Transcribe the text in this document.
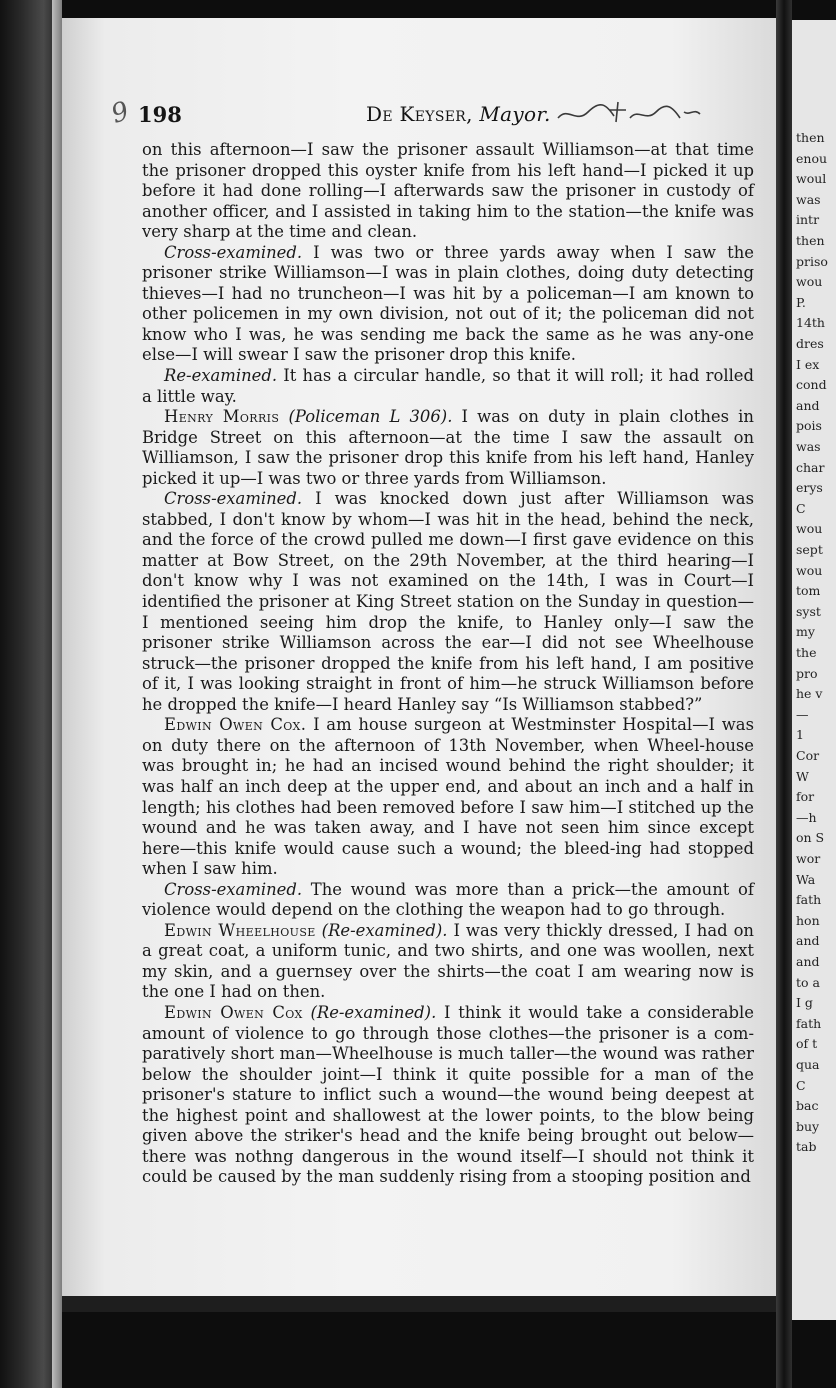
9 198	De Keyser, Mayor.

on this afternoon—I saw the prisoner assault Williamson—at that time the prisoner dropped this oyster knife from his left hand—I picked it up before it had done rolling—I afterwards saw the prisoner in custody of another officer, and I assisted in taking him to the station—the knife was very sharp at the time and clean.

Cross-examined. I was two or three yards away when I saw the prisoner strike Williamson—I was in plain clothes, doing duty detecting thieves—I had no truncheon—I was hit by a policeman—I am known to other policemen in my own division, not out of it; the policeman did not know who I was, he was sending me back the same as he was any-one else—I will swear I saw the prisoner drop this knife.

Re-examined. It has a circular handle, so that it will roll; it had rolled a little way.

Henry Morris (Policeman L 306). I was on duty in plain clothes in Bridge Street on this afternoon—at the time I saw the assault on Williamson, I saw the prisoner drop this knife from his left hand, Hanley picked it up—I was two or three yards from Williamson.

Cross-examined. I was knocked down just after Williamson was stabbed, I don't know by whom—I was hit in the head, behind the neck, and the force of the crowd pulled me down—I first gave evidence on this matter at Bow Street, on the 29th November, at the third hearing—I don't know why I was not examined on the 14th, I was in Court—I identified the prisoner at King Street station on the Sunday in question—I mentioned seeing him drop the knife, to Hanley only—I saw the prisoner strike Williamson across the ear—I did not see Wheelhouse struck—the prisoner dropped the knife from his left hand, I am positive of it, I was looking straight in front of him—he struck Williamson before he dropped the knife—I heard Hanley say “Is Williamson stabbed?”

Edwin Owen Cox. I am house surgeon at Westminster Hospital—I was on duty there on the afternoon of 13th November, when Wheel-house was brought in; he had an incised wound behind the right shoulder; it was half an inch deep at the upper end, and about an inch and a half in length; his clothes had been removed before I saw him—I stitched up the wound and he was taken away, and I have not seen him since except here—this knife would cause such a wound; the bleed-ing had stopped when I saw him.

Cross-examined. The wound was more than a prick—the amount of violence would depend on the clothing the weapon had to go through.

Edwin Wheelhouse (Re-examined). I was very thickly dressed, I had on a great coat, a uniform tunic, and two shirts, and one was woollen, next my skin, and a guernsey over the shirts—the coat I am wearing now is the one I had on then.

Edwin Owen Cox (Re-examined). I think it would take a considerable amount of violence to go through those clothes—the prisoner is a com-paratively short man—Wheelhouse is much taller—the wound was rather below the shoulder joint—I think it quite possible for a man of the prisoner's stature to inflict such a wound—the wound being deepest at the highest point and shallowest at the lower points, to the blow being given above the striker's head and the knife being brought out below—there was nothng dangerous in the wound itself—I should not think it could be caused by the man suddenly rising from a stooping position and

then
enou
woul
was
intr
then
priso
wou
P.
14th
dres
I ex
cond
and
pois
was
char
erys
C
wou
sept
wou
tom
syst
my
the
pro
he v
—
1
Cor
W
for
—h
on S
wor
Wa
fath
hon
and
and
to a
I g
fath
of t
qua
C
bac
buy
tab
